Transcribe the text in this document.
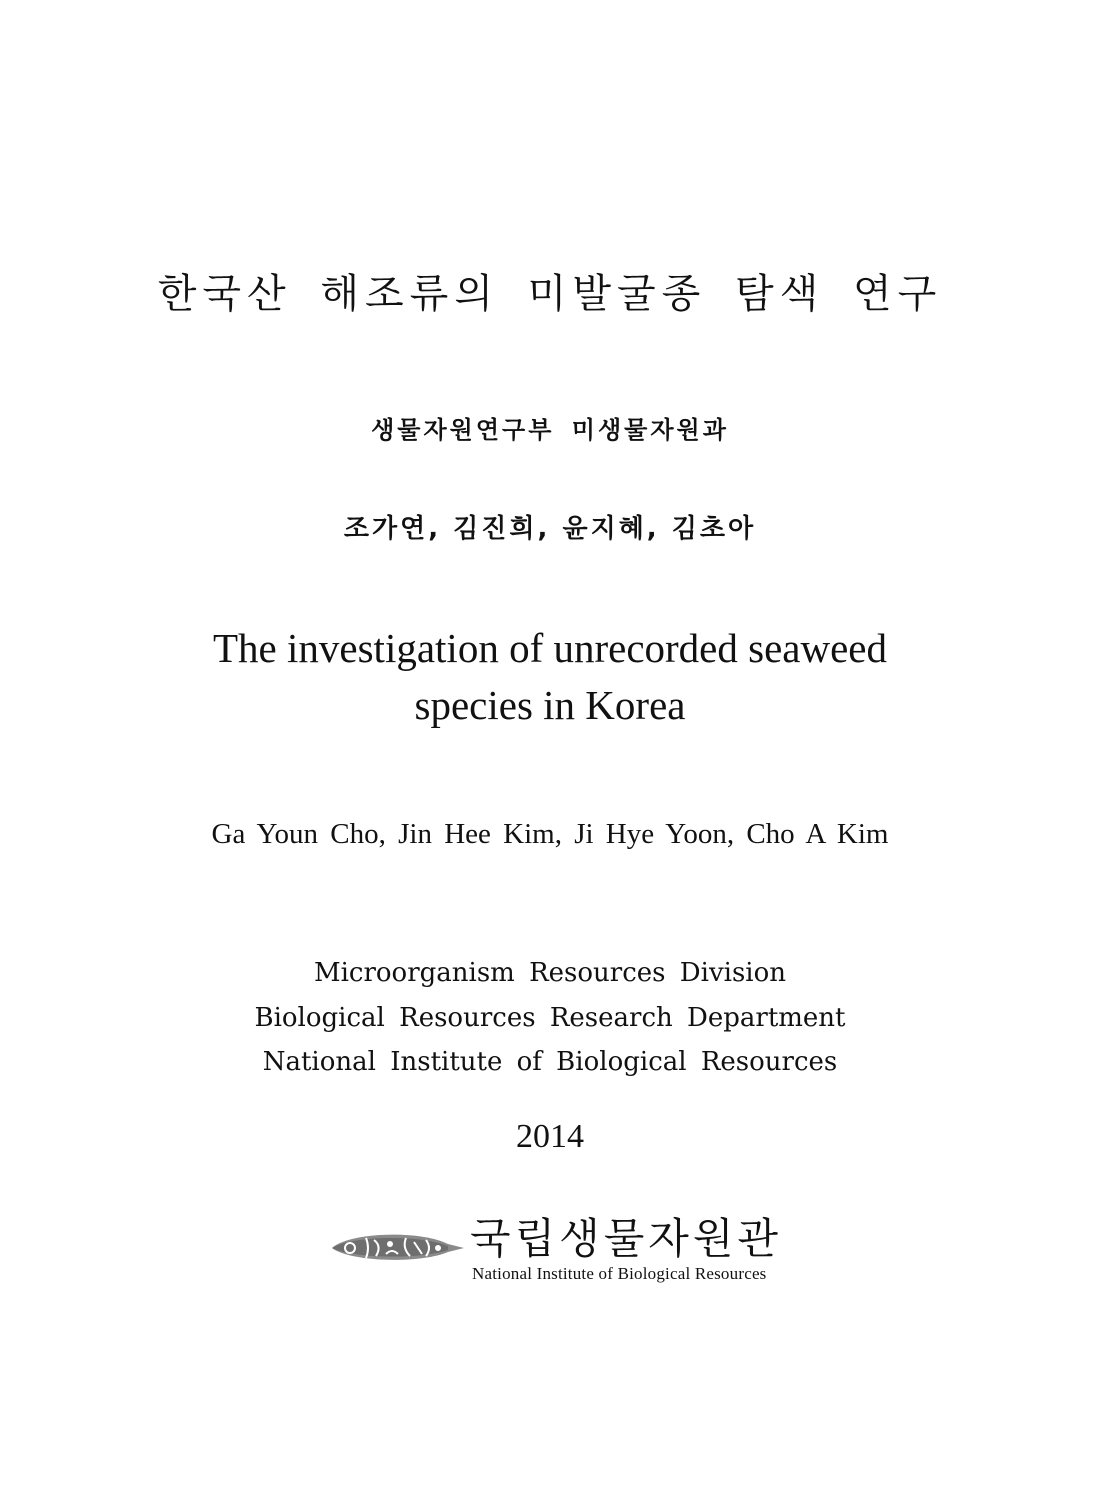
한국산 해조류의 미발굴종 탐색 연구
생물자원연구부 미생물자원과
조가연, 김진희, 윤지혜, 김초아
The investigation of unrecorded seaweed
species in Korea
Ga Youn Cho, Jin Hee Kim, Ji Hye Yoon, Cho A Kim
Microorganism Resources Division
Biological Resources Research Department
National Institute of Biological Resources
2014
국립생물자원관
National Institute of Biological Resources
